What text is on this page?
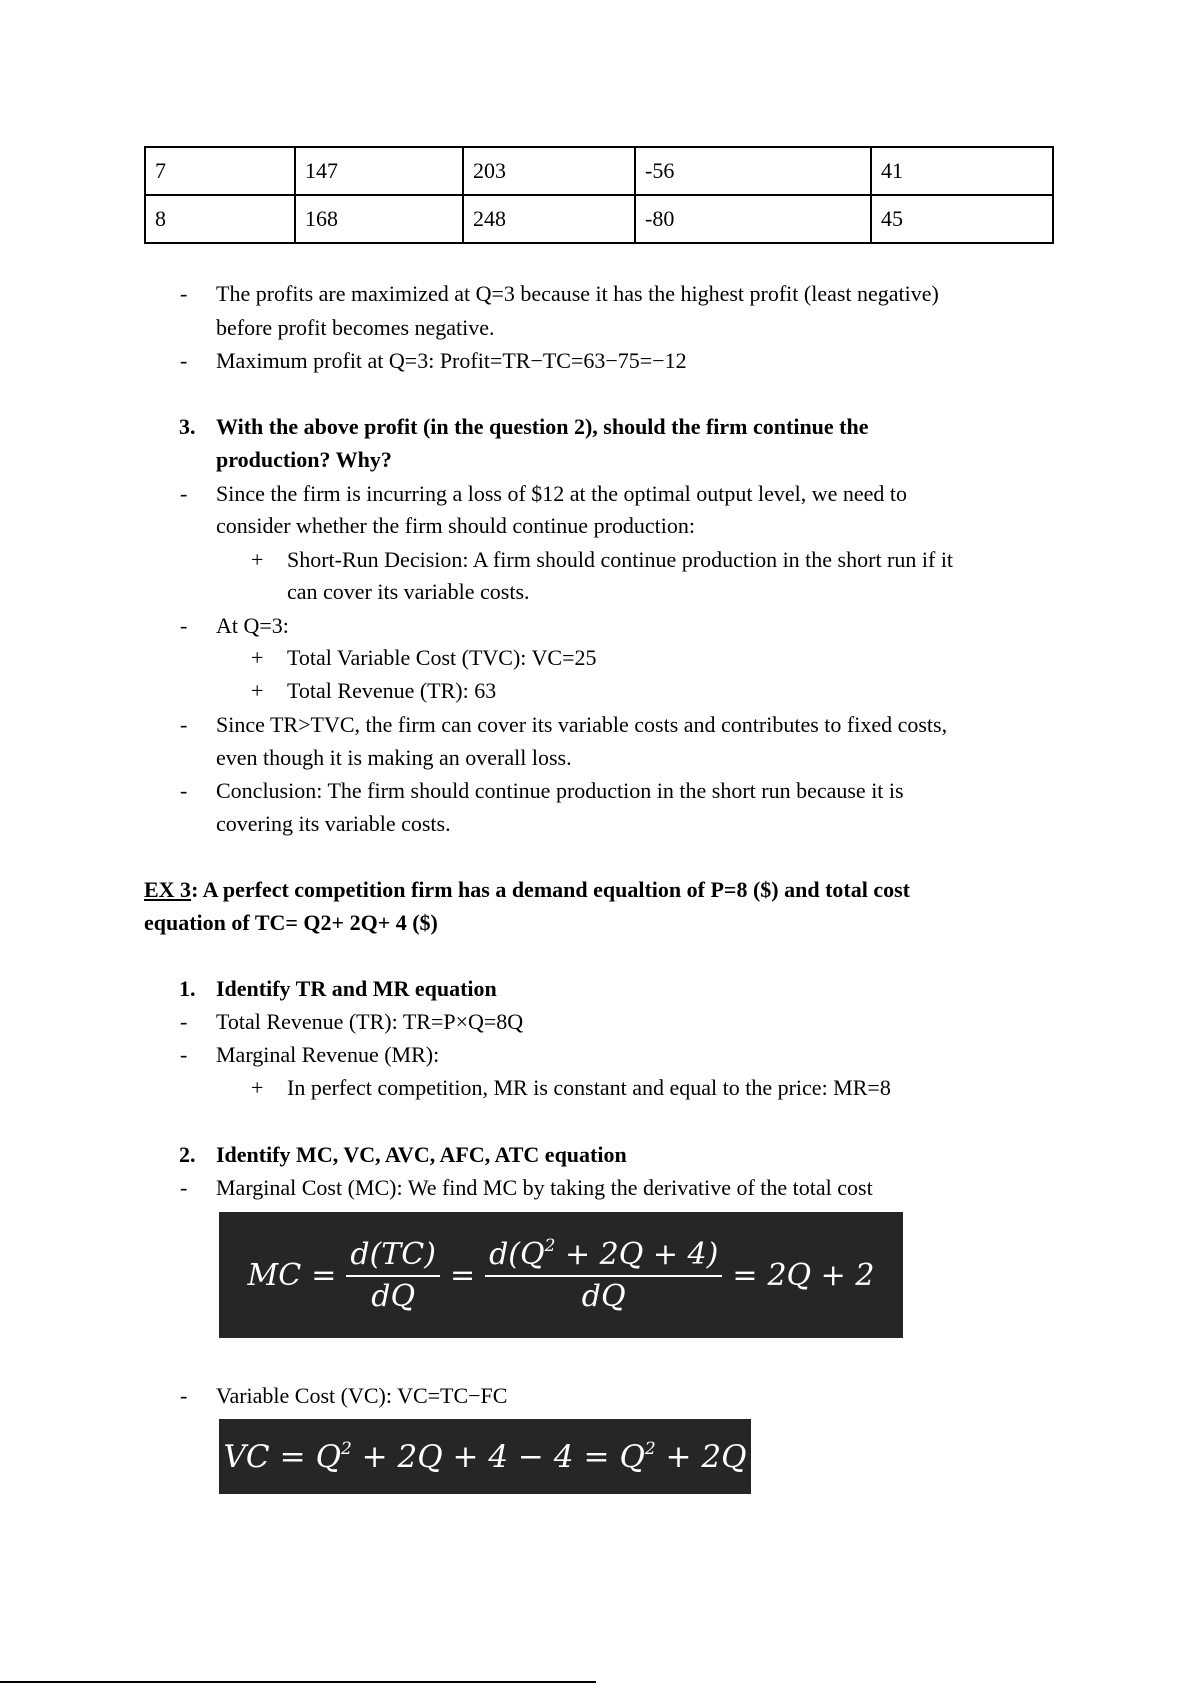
7	147	203	-56	41
8	168	248	-80	45
- The profits are maximized at Q=3 because it has the highest profit (least negative)
before profit becomes negative.
- Maximum profit at Q=3: Profit=TR−TC=63−75=−12
3. With the above profit (in the question 2), should the firm continue the
production? Why?
- Since the firm is incurring a loss of $12 at the optimal output level, we need to
consider whether the firm should continue production:
+ Short-Run Decision: A firm should continue production in the short run if it
can cover its variable costs.
- At Q=3:
+ Total Variable Cost (TVC): VC=25
+ Total Revenue (TR): 63
- Since TR>TVC, the firm can cover its variable costs and contributes to fixed costs,
even though it is making an overall loss.
- Conclusion: The firm should continue production in the short run because it is
covering its variable costs.
EX 3: A perfect competition firm has a demand equaltion of P=8 ($) and total cost
equation of TC= Q2+ 2Q+ 4 ($)
1. Identify TR and MR equation
- Total Revenue (TR): TR=P×Q=8Q
- Marginal Revenue (MR):
+ In perfect competition, MR is constant and equal to the price: MR=8
2. Identify MC, VC, AVC, AFC, ATC equation
- Marginal Cost (MC): We find MC by taking the derivative of the total cost
MC = $\frac{d(TC)}{dQ} = \frac{d(Q^2 + 2Q + 4)}{dQ} = 2Q + 2$
- Variable Cost (VC): VC=TC−FC
VC = $Q^2 + 2Q + 4 - 4 = Q^2 + 2Q$
